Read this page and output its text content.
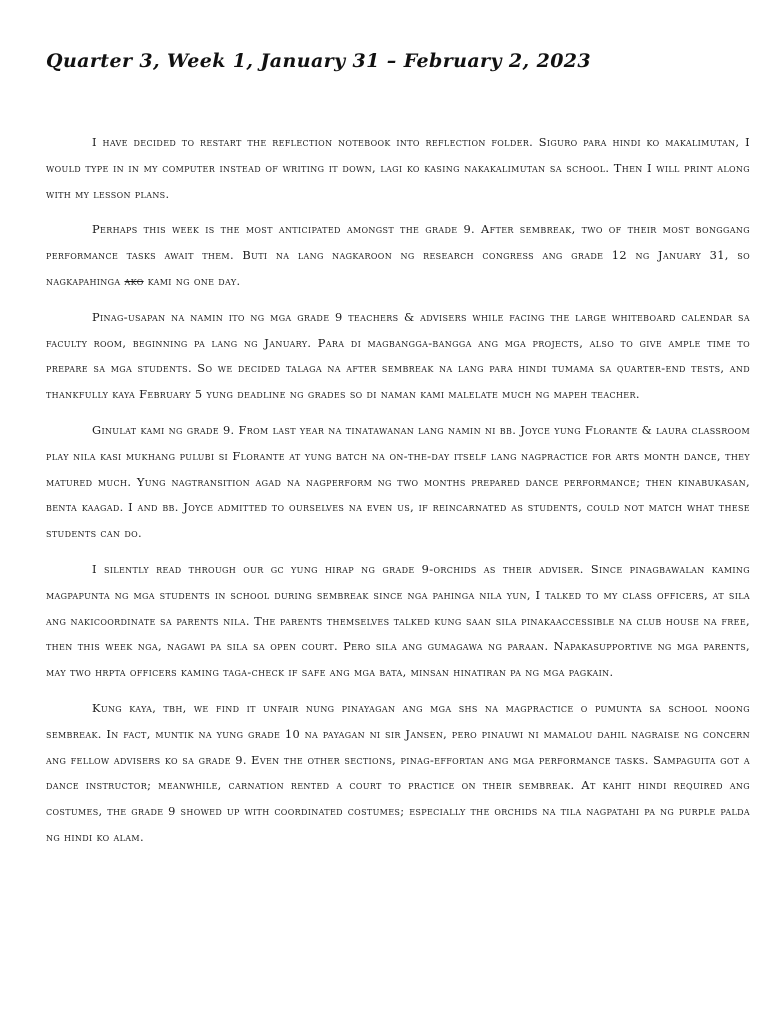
Quarter 3, Week 1, January 31 – February 2, 2023

I have decided to restart the reflection notebook into reflection folder. Siguro para hindi ko makalimutan, I would type in in my computer instead of writing it down, lagi ko kasing nakakalimutan sa school. Then I will print along with my lesson plans.

Perhaps this week is the most anticipated amongst the grade 9. After sembreak, two of their most bonggang performance tasks await them. Buti na lang nagkaroon ng research congress ang grade 12 ng January 31, so nagkapahinga ako kami ng one day.

Pinag-usapan na namin ito ng mga grade 9 teachers & advisers while facing the large whiteboard calendar sa faculty room, beginning pa lang ng January. Para di magbangga-bangga ang mga projects, also to give ample time to prepare sa mga students. So we decided talaga na after sembreak na lang para hindi tumama sa quarter-end tests, and thankfully kaya February 5 yung deadline ng grades so di naman kami malelate much ng mapeh teacher.

Ginulat kami ng grade 9. From last year na tinatawanan lang namin ni bb. Joyce yung Florante & laura classroom play nila kasi mukhang pulubi si Florante at yung batch na on-the-day itself lang nagpractice for arts month dance, they matured much. Yung nagtransition agad na nagperform ng two months prepared dance performance; then kinabukasan, benta kaagad. I and bb. Joyce admitted to ourselves na even us, if reincarnated as students, could not match what these students can do.

I silently read through our gc yung hirap ng grade 9-orchids as their adviser. Since pinagbawalan kaming magpapunta ng mga students in school during sembreak since nga pahinga nila yun, I talked to my class officers, at sila ang nakicoordinate sa parents nila. The parents themselves talked kung saan sila pinakaaccessible na club house na free, then this week nga, nagawi pa sila sa open court. Pero sila ang gumagawa ng paraan. Napakasupportive ng mga parents, may two hrpta officers kaming taga-check if safe ang mga bata, minsan hinatiran pa ng mga pagkain.

Kung kaya, tbh, we find it unfair nung pinayagan ang mga shs na magpractice o pumunta sa school noong sembreak. In fact, muntik na yung grade 10 na payagan ni sir Jansen, pero pinauwi ni mamalou dahil nagraise ng concern ang fellow advisers ko sa grade 9. Even the other sections, pinag-effortan ang mga performance tasks. Sampaguita got a dance instructor; meanwhile, carnation rented a court to practice on their sembreak. At kahit hindi required ang costumes, the grade 9 showed up with coordinated costumes; especially the orchids na tila nagpatahi pa ng purple palda ng hindi ko alam.
